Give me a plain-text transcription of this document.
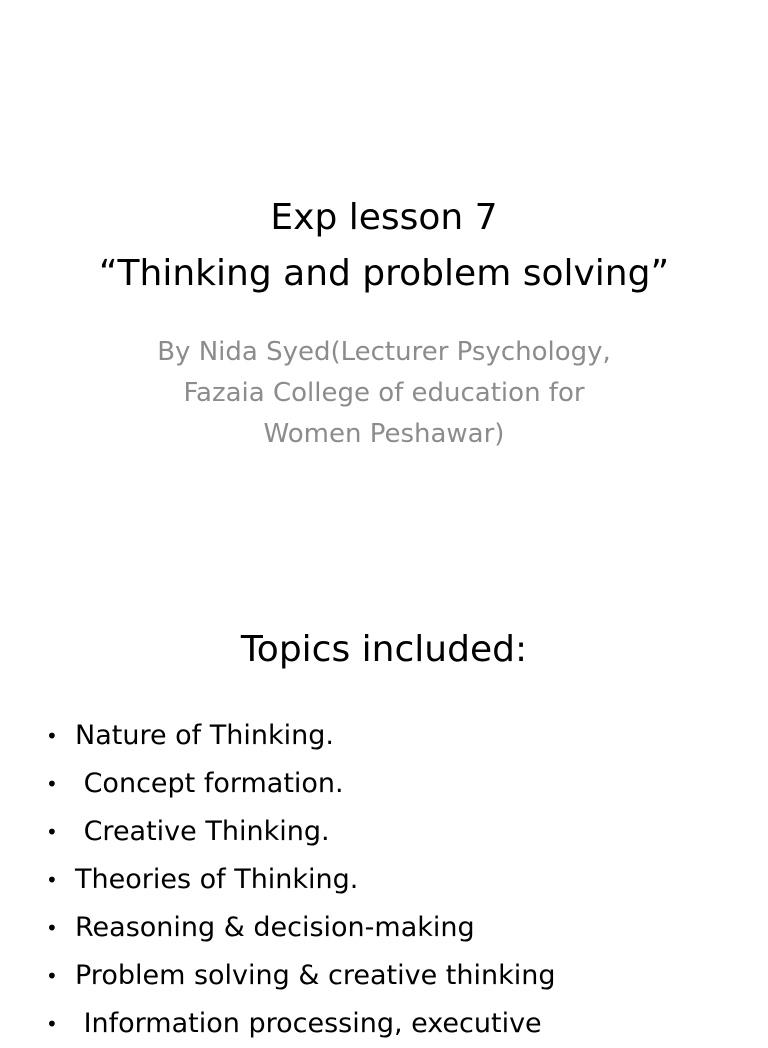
Exp lesson 7
“Thinking and problem solving”
By Nida Syed(Lecturer Psychology,
Fazaia College of education for
Women Peshawar)
Topics included:
• Nature of Thinking.
• Concept formation.
• Creative Thinking.
• Theories of Thinking.
• Reasoning & decision-making
• Problem solving & creative thinking
• Information processing, executive
